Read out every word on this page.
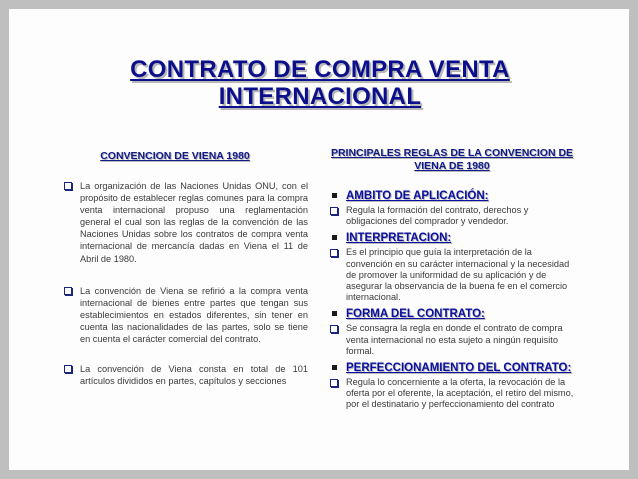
CONTRATO DE COMPRA VENTA
INTERNACIONAL
CONVENCION DE VIENA 1980	PRINCIPALES REGLAS DE LA CONVENCION DE VIENA DE 1980

La organización de las Naciones Unidas ONU, con el propósito de establecer reglas comunes para la compra venta internacional propuso una reglamentación general el cual son las reglas de la convención de las Naciones Unidas sobre los contratos de compra venta internacional de mercancía dadas en Viena el 11 de Abril de 1980.

La convención de Viena se refirió a la compra venta internacional de bienes entre partes que tengan sus establecimientos en estados diferentes, sin tener en cuenta las nacionalidades de las partes, solo se tiene en cuenta el carácter comercial del contrato.

La convención de Viena consta en total de 101 artículos divididos en partes, capítulos y secciones

AMBITO DE APLICACIÓN:

Regula la formación del contrato, derechos y obligaciones del comprador y vendedor.

INTERPRETACION:

Es el principio que guía la interpretación de la convención en su carácter internacional y la necesidad de promover la uniformidad de su aplicación y de asegurar la observancia de la buena fe en el comercio internacional.

FORMA DEL CONTRATO:

Se consagra la regla en donde el contrato de compra venta internacional no esta sujeto a ningún requisito formal.

PERFECCIONAMIENTO DEL CONTRATO:

Regula lo concerniente a la oferta, la revocación de la oferta por el oferente, la aceptación, el retiro del mismo, por el destinatario y perfeccionamiento del contrato
